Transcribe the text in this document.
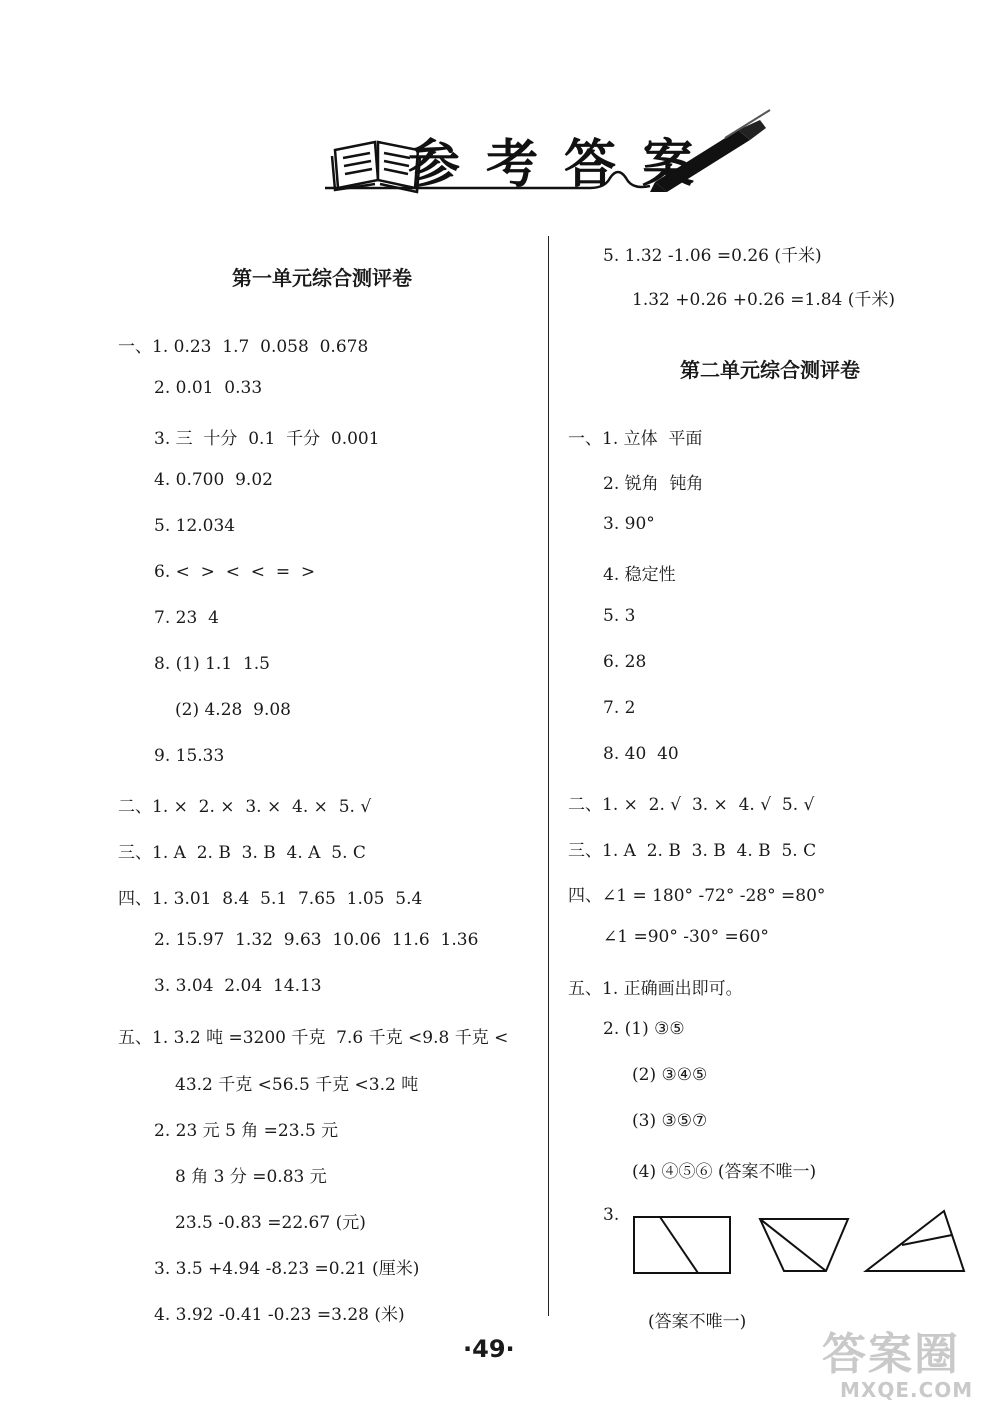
参考答案
第一单元综合测评卷
一、1. 0.23  1.7  0.058  0.678
2. 0.01  0.33
3. 三  十分  0.1  千分  0.001
4. 0.700  9.02
5. 12.034
6. <  >  <  <  =  >
7. 23  4
8. (1) 1.1  1.5
(2) 4.28  9.08
9. 15.33
二、1. ×  2. ×  3. ×  4. ×  5. √
三、1. A  2. B  3. B  4. A  5. C
四、1. 3.01  8.4  5.1  7.65  1.05  5.4
2. 15.97  1.32  9.63  10.06  11.6  1.36
3. 3.04  2.04  14.13
五、1. 3.2 吨 =3200 千克  7.6 千克 <9.8 千克 <
43.2 千克 <56.5 千克 <3.2 吨
2. 23 元 5 角 =23.5 元
8 角 3 分 =0.83 元
23.5 -0.83 =22.67 (元)
3. 3.5 +4.94 -8.23 =0.21 (厘米)
4. 3.92 -0.41 -0.23 =3.28 (米)
5. 1.32 -1.06 =0.26 (千米)
1.32 +0.26 +0.26 =1.84 (千米)
第二单元综合测评卷
一、1. 立体  平面
2. 锐角  钝角
3. 90°
4. 稳定性
5. 3
6. 28
7. 2
8. 40  40
二、1. ×  2. √  3. ×  4. √  5. √
三、1. A  2. B  3. B  4. B  5. C
四、∠1 = 180° -72° -28° =80°
∠1 =90° -30° =60°
五、1. 正确画出即可。
2. (1) ③⑤
(2) ③④⑤
(3) ③⑤⑦
(4) ④⑤⑥ (答案不唯一)
3.
(答案不唯一)
·49·	答案圈
MXQE.COM
